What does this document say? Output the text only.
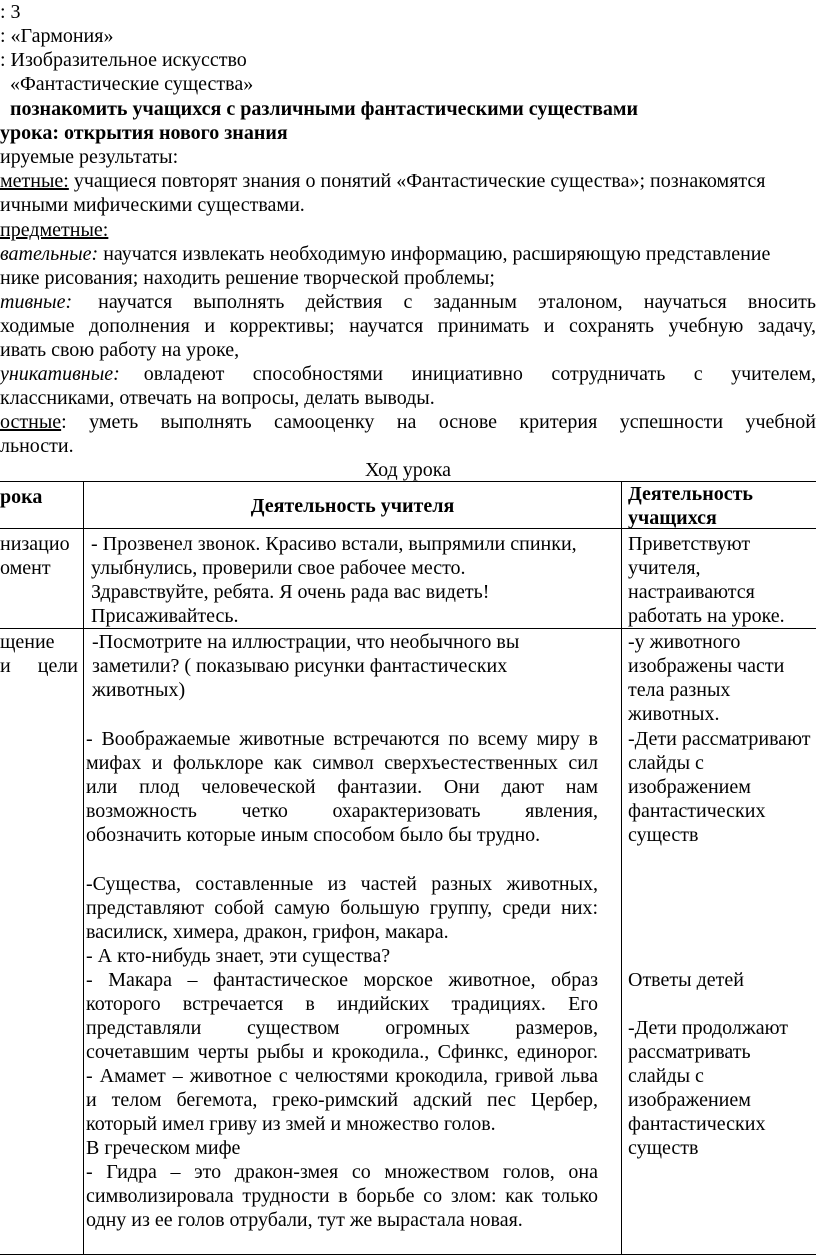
: 3
: «Гармония»
: Изобразительное искусство
«Фантастические существа»
познакомить учащихся с различными фантастическими существами
урока: открытия нового знания
ируемые результаты:
метные: учащиеся повторят знания о понятий «Фантастические существа»; познакомятся
ичными мифическими существами.
предметные:
вательные: научатся извлекать необходимую информацию, расширяющую представление
нике рисования; находить решение творческой проблемы;
тивные: научатся выполнять действия с заданным эталоном, научаться вносить
ходимые дополнения и коррективы; научатся принимать и сохранять учебную задачу,
ивать свою работу на уроке,
уникативные: овладеют способностями инициативно сотрудничать с учителем,
классниками, отвечать на вопросы, делать выводы.
остные : уметь выполнять самооценку на основе критерия успешности учебной
льности.
Ход урока
рока	Деятельность учителя
Деятельность
учащихся
низацио
омент
- Прозвенел звонок. Красиво встали, выпрямили спинки,
улыбнулись, проверили свое рабочее место.
Здравствуйте, ребята. Я очень рада вас видеть!
Присаживайтесь.
Приветствуют
учителя,
настраиваются
работать на уроке.
щение
и цели
-Посмотрите на иллюстрации, что необычного вы
заметили? ( показываю рисунки фантастических
животных)
- Воображаемые животные встречаются по всему миру в
мифах и фольклоре как символ сверхъестественных сил
или плод человеческой фантазии. Они дают нам
возможность четко охарактеризовать явления,
обозначить которые иным способом было бы трудно.
-Существа, составленные из частей разных животных,
представляют собой самую большую группу, среди них:
василиск, химера, дракон, грифон, макара.
- А кто-нибудь знает, эти существа?
- Макара – фантастическое морское животное, образ
которого встречается в индийских традициях. Его
представляли существом огромных размеров,
сочетавшим черты рыбы и крокодила., Сфинкс, единорог.
- Амамет – животное с челюстями крокодила, гривой льва
и телом бегемота, греко-римский адский пес Цербер,
который имел гриву из змей и множество голов.
В греческом мифе
- Гидра – это дракон-змея со множеством голов, она
символизировала трудности в борьбе со злом: как только
одну из ее голов отрубали, тут же вырастала новая.
-у животного
изображены части
тела разных
животных.
-Дети рассматривают
слайды с
изображением
фантастических
существ
Ответы детей
-Дети продолжают
рассматривать
слайды с
изображением
фантастических
существ
